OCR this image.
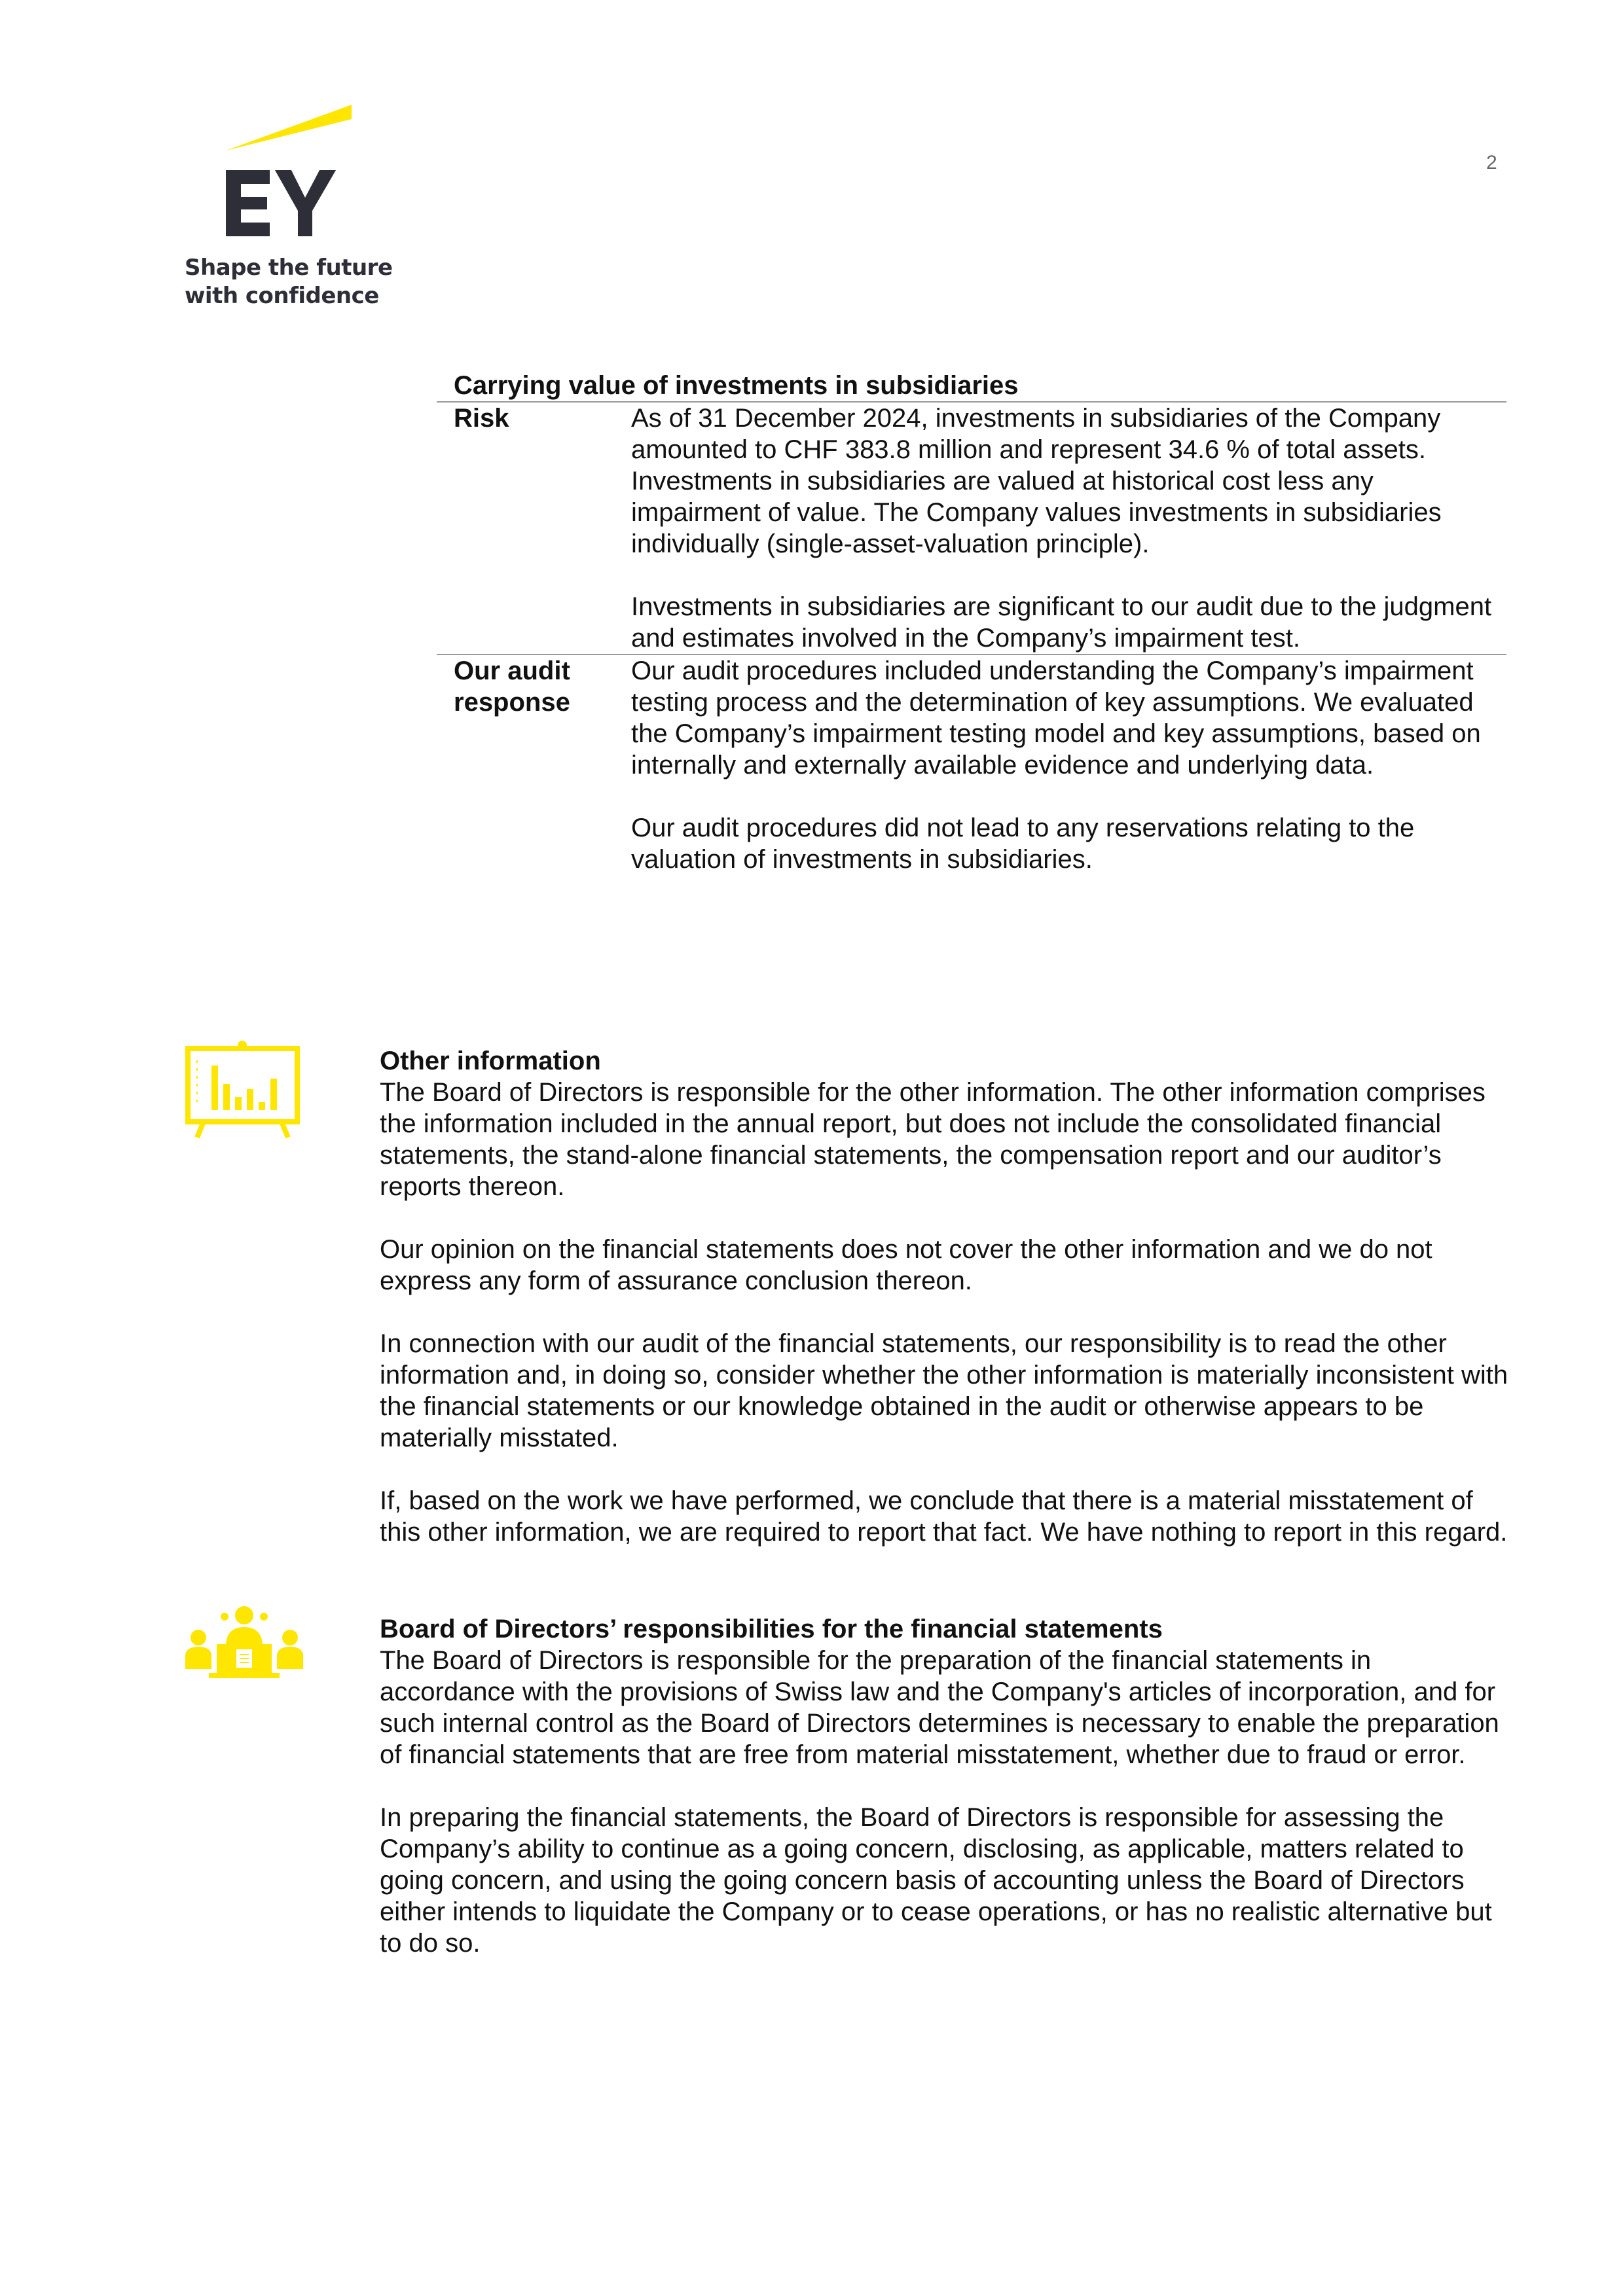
Shape the future
with confidence
2
Carrying value of investments in subsidiaries
Risk	As of 31 December 2024, investments in subsidiaries of the Company amounted to CHF 383.8 million and represent 34.6 % of total assets. Investments in subsidiaries are valued at historical cost less any impairment of value. The Company values investments in subsidiaries individually (single-asset-valuation principle).

Investments in subsidiaries are significant to our audit due to the judgment and estimates involved in the Company’s impairment test.

Our audit response

Our audit procedures included understanding the Company’s impairment testing process and the determination of key assumptions. We evaluated the Company’s impairment testing model and key assumptions, based on internally and externally available evidence and underlying data.

Our audit procedures did not lead to any reservations relating to the valuation of investments in subsidiaries.

Other information

The Board of Directors is responsible for the other information. The other information comprises the information included in the annual report, but does not include the consolidated financial statements, the stand-alone financial statements, the compensation report and our auditor’s reports thereon.

Our opinion on the financial statements does not cover the other information and we do not express any form of assurance conclusion thereon.

In connection with our audit of the financial statements, our responsibility is to read the other information and, in doing so, consider whether the other information is materially inconsistent with the financial statements or our knowledge obtained in the audit or otherwise appears to be materially misstated.

If, based on the work we have performed, we conclude that there is a material misstatement of this other information, we are required to report that fact. We have nothing to report in this regard.

Board of Directors’ responsibilities for the financial statements

The Board of Directors is responsible for the preparation of the financial statements in accordance with the provisions of Swiss law and the Company's articles of incorporation, and for such internal control as the Board of Directors determines is necessary to enable the preparation of financial statements that are free from material misstatement, whether due to fraud or error.

In preparing the financial statements, the Board of Directors is responsible for assessing the Company’s ability to continue as a going concern, disclosing, as applicable, matters related to going concern, and using the going concern basis of accounting unless the Board of Directors either intends to liquidate the Company or to cease operations, or has no realistic alternative but to do so.
